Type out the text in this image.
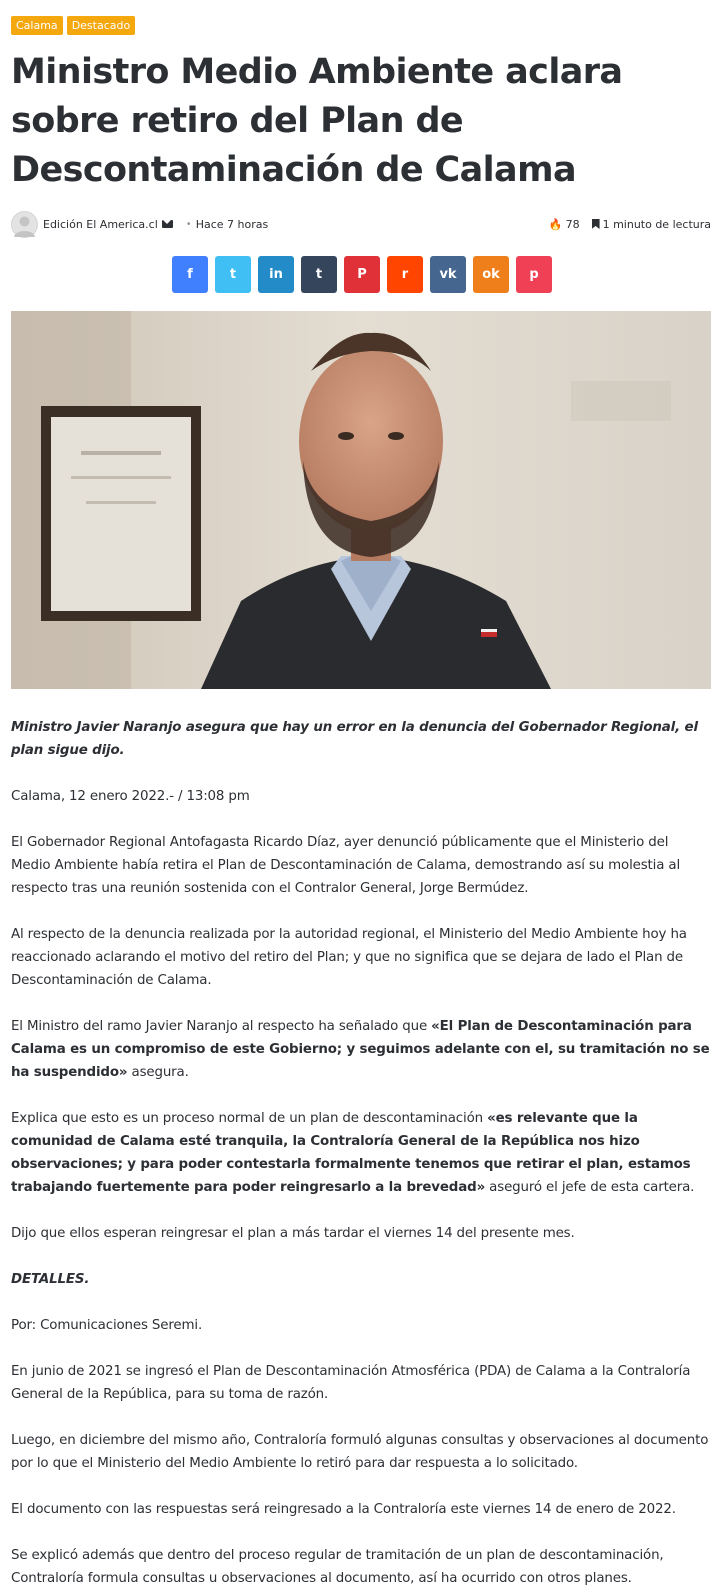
Calama	Destacado
Ministro Medio Ambiente aclara sobre retiro del Plan de Descontaminación de Calama
Edición El America.cl	• Hace 7 horas	🔥 78 1 minuto de lectura
f	t	in	t	P	r vk ok p

Ministro Javier Naranjo asegura que hay un error en la denuncia del Gobernador Regional, el plan sigue dijo.

Calama, 12 enero 2022.- / 13:08 pm

El Gobernador Regional Antofagasta Ricardo Díaz, ayer denunció públicamente que el Ministerio del Medio Ambiente había retira el Plan de Descontaminación de Calama, demostrando así su molestia al respecto tras una reunión sostenida con el Contralor General, Jorge Bermúdez.

Al respecto de la denuncia realizada por la autoridad regional, el Ministerio del Medio Ambiente hoy ha reaccionado aclarando el motivo del retiro del Plan; y que no significa que se dejara de lado el Plan de Descontaminación de Calama.

El Ministro del ramo Javier Naranjo al respecto ha señalado que «El Plan de Descontaminación para Calama es un compromiso de este Gobierno; y seguimos adelante con el, su tramitación no se ha suspendido» asegura.

Explica que esto es un proceso normal de un plan de descontaminación «es relevante que la comunidad de Calama esté tranquila, la Contraloría General de la República nos hizo observaciones; y para poder contestarla formalmente tenemos que retirar el plan, estamos trabajando fuertemente para poder reingresarlo a la brevedad» aseguró el jefe de esta cartera.

Dijo que ellos esperan reingresar el plan a más tardar el viernes 14 del presente mes.

DETALLES.

Por: Comunicaciones Seremi.

En junio de 2021 se ingresó el Plan de Descontaminación Atmosférica (PDA) de Calama a la Contraloría General de la República, para su toma de razón.

Luego, en diciembre del mismo año, Contraloría formuló algunas consultas y observaciones al documento por lo que el Ministerio del Medio Ambiente lo retiró para dar respuesta a lo solicitado.

El documento con las respuestas será reingresado a la Contraloría este viernes 14 de enero de 2022.

Se explicó además que dentro del proceso regular de tramitación de un plan de descontaminación, Contraloría formula consultas u observaciones al documento, así ha ocurrido con otros planes.
